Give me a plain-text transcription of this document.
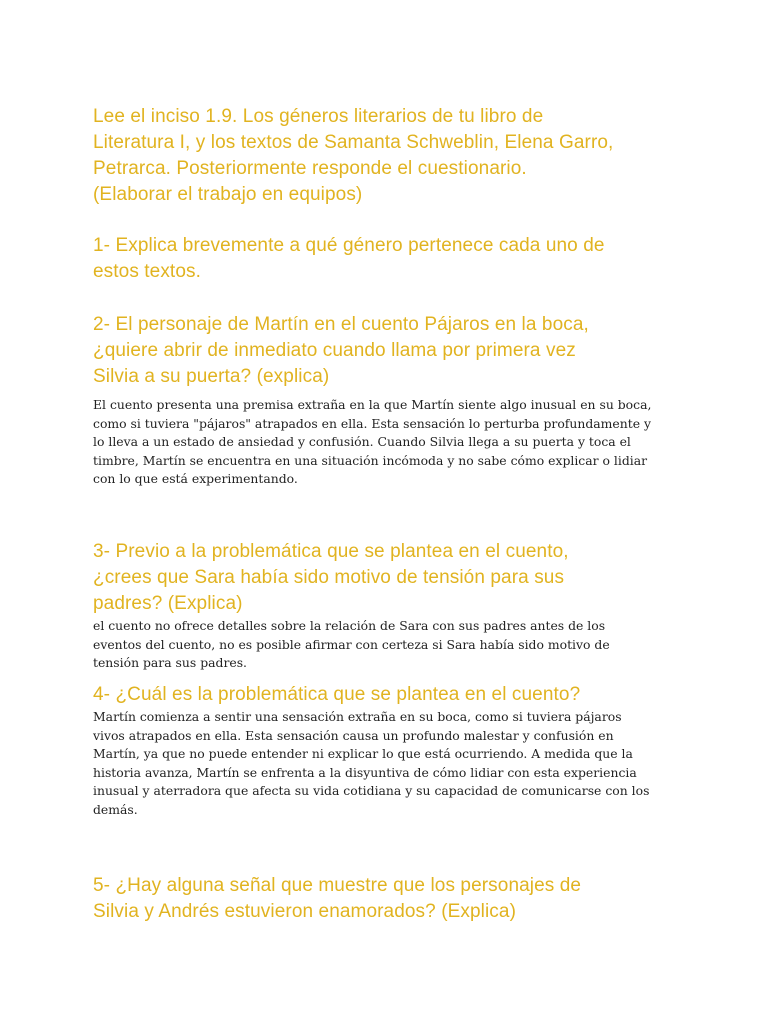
Lee el inciso 1.9. Los géneros literarios de tu libro de
Literatura I, y los textos de Samanta Schweblin, Elena Garro,
Petrarca. Posteriormente responde el cuestionario.
(Elaborar el trabajo en equipos)
1- Explica brevemente a qué género pertenece cada uno de
estos textos.
2- El personaje de Martín en el cuento Pájaros en la boca,
¿quiere abrir de inmediato cuando llama por primera vez
Silvia a su puerta? (explica)
El cuento presenta una premisa extraña en la que Martín siente algo inusual en su boca,
como si tuviera "pájaros" atrapados en ella. Esta sensación lo perturba profundamente y
lo lleva a un estado de ansiedad y confusión. Cuando Silvia llega a su puerta y toca el
timbre, Martín se encuentra en una situación incómoda y no sabe cómo explicar o lidiar
con lo que está experimentando.
3- Previo a la problemática que se plantea en el cuento,
¿crees que Sara había sido motivo de tensión para sus
padres? (Explica)
el cuento no ofrece detalles sobre la relación de Sara con sus padres antes de los
eventos del cuento, no es posible afirmar con certeza si Sara había sido motivo de
tensión para sus padres.
4- ¿Cuál es la problemática que se plantea en el cuento?
Martín comienza a sentir una sensación extraña en su boca, como si tuviera pájaros
vivos atrapados en ella. Esta sensación causa un profundo malestar y confusión en
Martín, ya que no puede entender ni explicar lo que está ocurriendo. A medida que la
historia avanza, Martín se enfrenta a la disyuntiva de cómo lidiar con esta experiencia
inusual y aterradora que afecta su vida cotidiana y su capacidad de comunicarse con los
demás.
5- ¿Hay alguna señal que muestre que los personajes de
Silvia y Andrés estuvieron enamorados? (Explica)
